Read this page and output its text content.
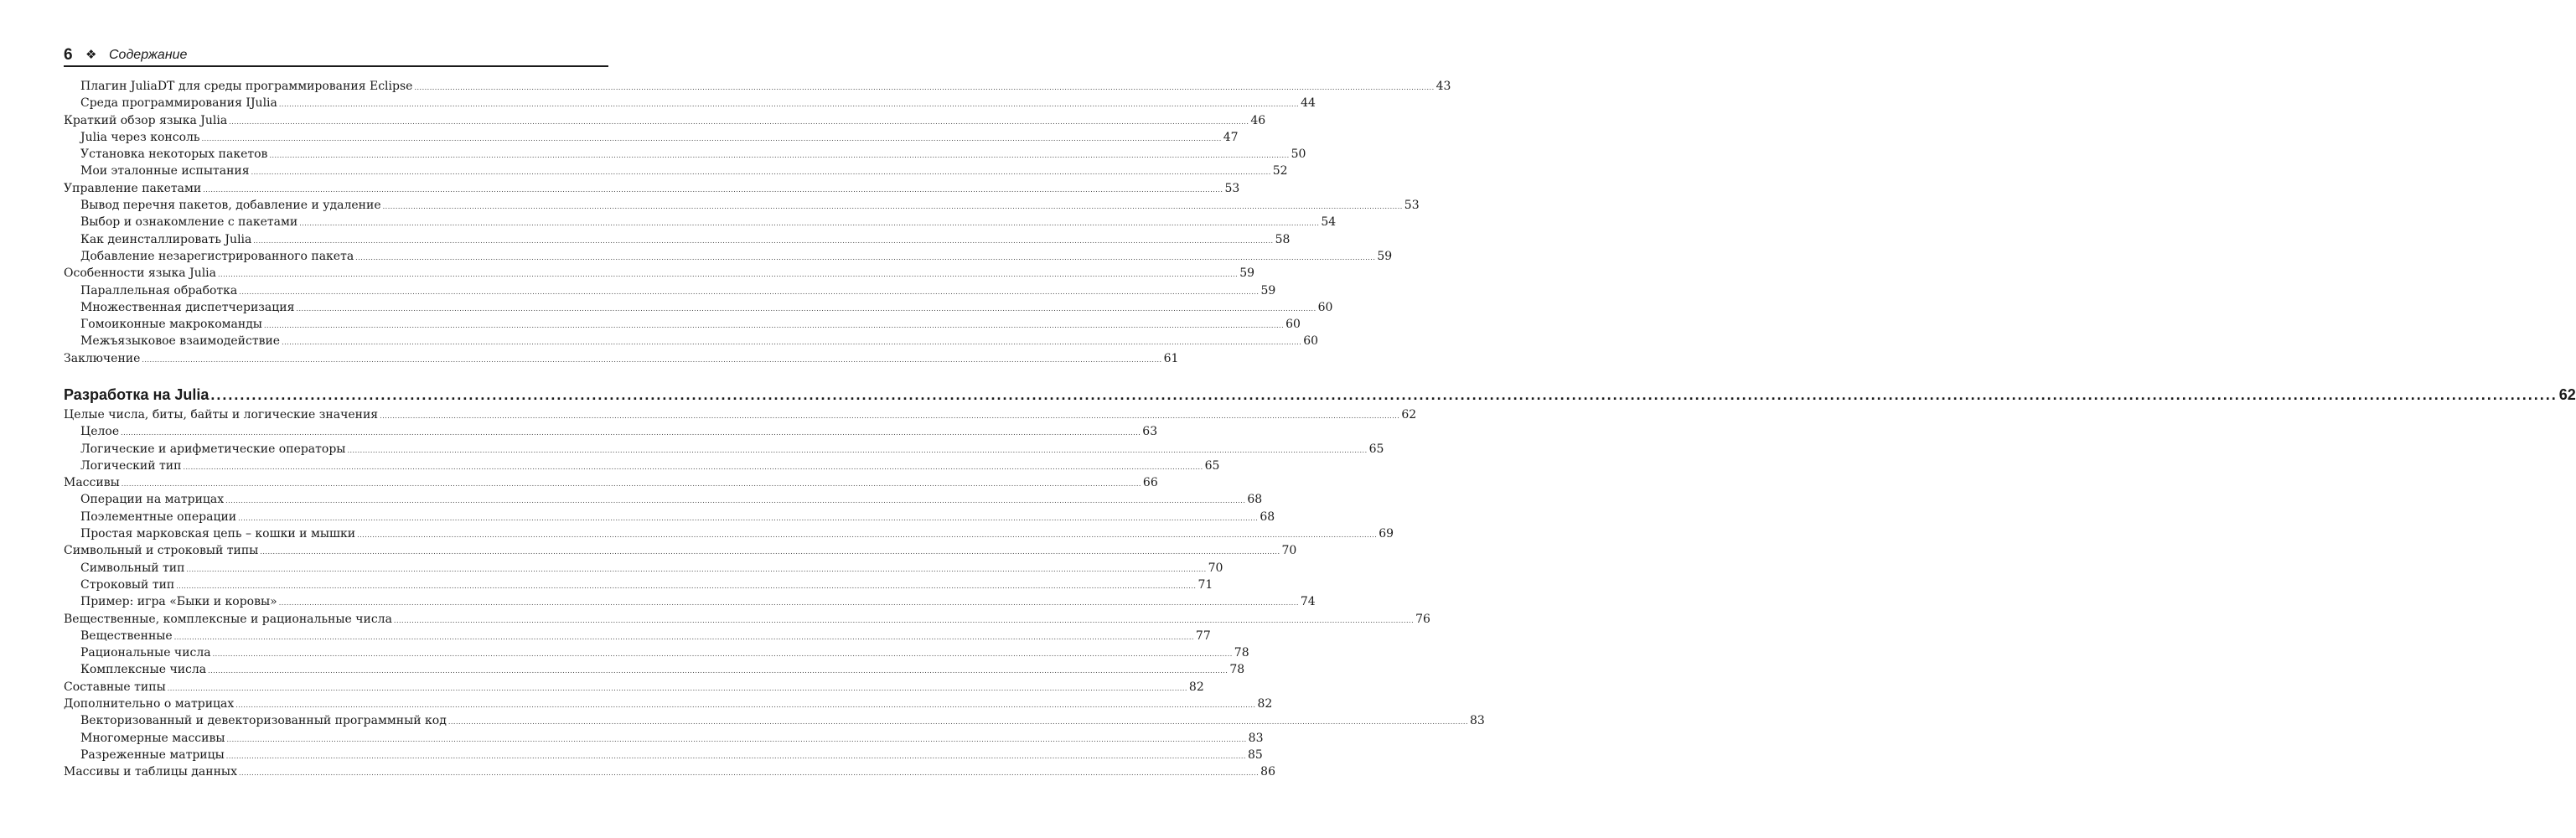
6 ❖ Содержание
Плагин JuliaDT для среды программирования Eclipse ................................................................................................................................................................................................................................................................................................................................................................................................................ 43
Среда программирования IJulia ................................................................................................................................................................................................................................................................................................................................................................................................................ 44
Краткий обзор языка Julia ................................................................................................................................................................................................................................................................................................................................................................................................................ 46
Julia через консоль ................................................................................................................................................................................................................................................................................................................................................................................................................ 47
Установка некоторых пакетов ................................................................................................................................................................................................................................................................................................................................................................................................................ 50
Мои эталонные испытания ................................................................................................................................................................................................................................................................................................................................................................................................................ 52
Управление пакетами ................................................................................................................................................................................................................................................................................................................................................................................................................ 53
Вывод перечня пакетов, добавление и удаление ................................................................................................................................................................................................................................................................................................................................................................................................................ 53
Выбор и ознакомление с пакетами ................................................................................................................................................................................................................................................................................................................................................................................................................ 54
Как деинсталлировать Julia ................................................................................................................................................................................................................................................................................................................................................................................................................ 58
Добавление незарегистрированного пакета ................................................................................................................................................................................................................................................................................................................................................................................................................ 59
Особенности языка Julia ................................................................................................................................................................................................................................................................................................................................................................................................................ 59
Параллельная обработка ................................................................................................................................................................................................................................................................................................................................................................................................................ 59
Множественная диспетчеризация ................................................................................................................................................................................................................................................................................................................................................................................................................ 60
Гомоиконные макрокоманды ................................................................................................................................................................................................................................................................................................................................................................................................................ 60
Межъязыковое взаимодействие ................................................................................................................................................................................................................................................................................................................................................................................................................ 60
Заключение ................................................................................................................................................................................................................................................................................................................................................................................................................ 61
Разработка на Julia ................................................................................................................................................................................................................................................................................................................................................................................................................ 62
Целые числа, биты, байты и логические значения ................................................................................................................................................................................................................................................................................................................................................................................................................ 62
Целое ................................................................................................................................................................................................................................................................................................................................................................................................................ 63
Логические и арифметические операторы ................................................................................................................................................................................................................................................................................................................................................................................................................ 65
Логический тип ................................................................................................................................................................................................................................................................................................................................................................................................................ 65
Массивы ................................................................................................................................................................................................................................................................................................................................................................................................................ 66
Операции на матрицах ................................................................................................................................................................................................................................................................................................................................................................................................................ 68
Поэлементные операции ................................................................................................................................................................................................................................................................................................................................................................................................................ 68
Простая марковская цепь – кошки и мышки ................................................................................................................................................................................................................................................................................................................................................................................................................ 69
Символьный и строковый типы ................................................................................................................................................................................................................................................................................................................................................................................................................ 70
Символьный тип ................................................................................................................................................................................................................................................................................................................................................................................................................ 70
Строковый тип ................................................................................................................................................................................................................................................................................................................................................................................................................ 71
Пример: игра «Быки и коровы» ................................................................................................................................................................................................................................................................................................................................................................................................................ 74
Вещественные, комплексные и рациональные числа ................................................................................................................................................................................................................................................................................................................................................................................................................ 76
Вещественные ................................................................................................................................................................................................................................................................................................................................................................................................................ 77
Рациональные числа ................................................................................................................................................................................................................................................................................................................................................................................................................ 78
Комплексные числа ................................................................................................................................................................................................................................................................................................................................................................................................................ 78
Составные типы ................................................................................................................................................................................................................................................................................................................................................................................................................ 82
Дополнительно о матрицах ................................................................................................................................................................................................................................................................................................................................................................................................................ 82
Векторизованный и девекторизованный программный код ................................................................................................................................................................................................................................................................................................................................................................................................................ 83
Многомерные массивы ................................................................................................................................................................................................................................................................................................................................................................................................................ 83
Разреженные матрицы ................................................................................................................................................................................................................................................................................................................................................................................................................ 85
Массивы и таблицы данных ................................................................................................................................................................................................................................................................................................................................................................................................................ 86
